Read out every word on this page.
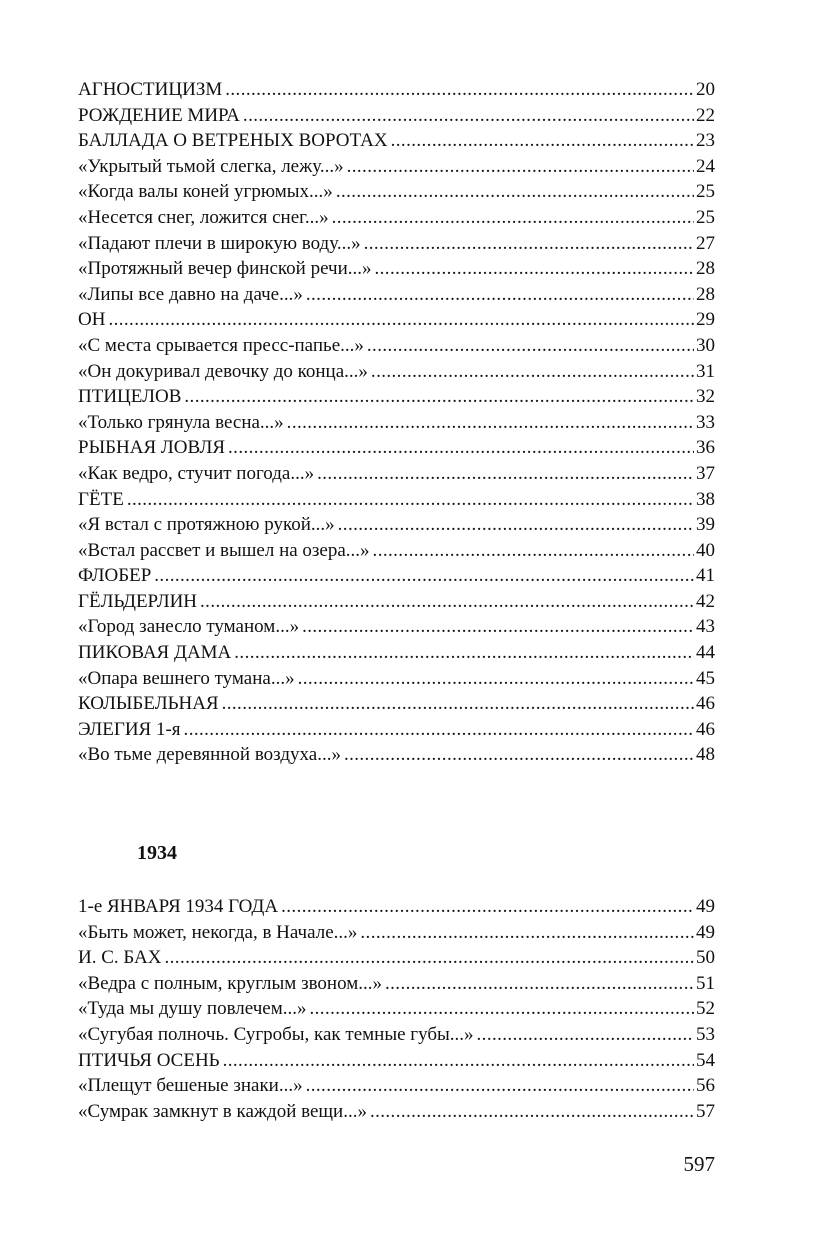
АГНОСТИЦИЗМ .....	20
РОЖДЕНИЕ МИРА .....	22
БАЛЛАДА О ВЕТРЕНЫХ ВОРОТАХ .....	23
«Укрытый тьмой слегка, лежу...» .....	24
«Когда валы коней угрюмых...» .....	25
«Несется снег, ложится снег...» .....	25
«Падают плечи в широкую воду...» .....	27
«Протяжный вечер финской речи...» .....	28
«Липы все давно на даче...» .....	28
ОН .....	29
«С места срывается пресс-папье...» .....	30
«Он докуривал девочку до конца...» .....	31
ПТИЦЕЛОВ .....	32
«Только грянула весна...» .....	33
РЫБНАЯ ЛОВЛЯ .....	36
«Как ведро, стучит погода...» .....	37
ГЁТЕ .....	38
«Я встал с протяжною рукой...» .....	39
«Встал рассвет и вышел на озера...» .....	40
ФЛОБЕР .....	41
ГЁЛЬДЕРЛИН .....	42
«Город занесло туманом...» .....	43
ПИКОВАЯ ДАМА .....	44
«Опара вешнего тумана...» .....	45
КОЛЫБЕЛЬНАЯ .....	46
ЭЛЕГИЯ 1-я .....	46
«Во тьме деревянной воздуха...» .....	48
1934
1-е ЯНВАРЯ 1934 ГОДА .....	49
«Быть может, некогда, в Начале...» .....	49
И. С. БАХ .....	50
«Ведра с полным, круглым звоном...» .....	51
«Туда мы душу повлечем...» .....	52
«Сугубая полночь. Сугробы, как темные губы...» .....	53
ПТИЧЬЯ ОСЕНЬ .....	54
«Плещут бешеные знаки...» .....	56
«Сумрак замкнут в каждой вещи...» .....	57
597
